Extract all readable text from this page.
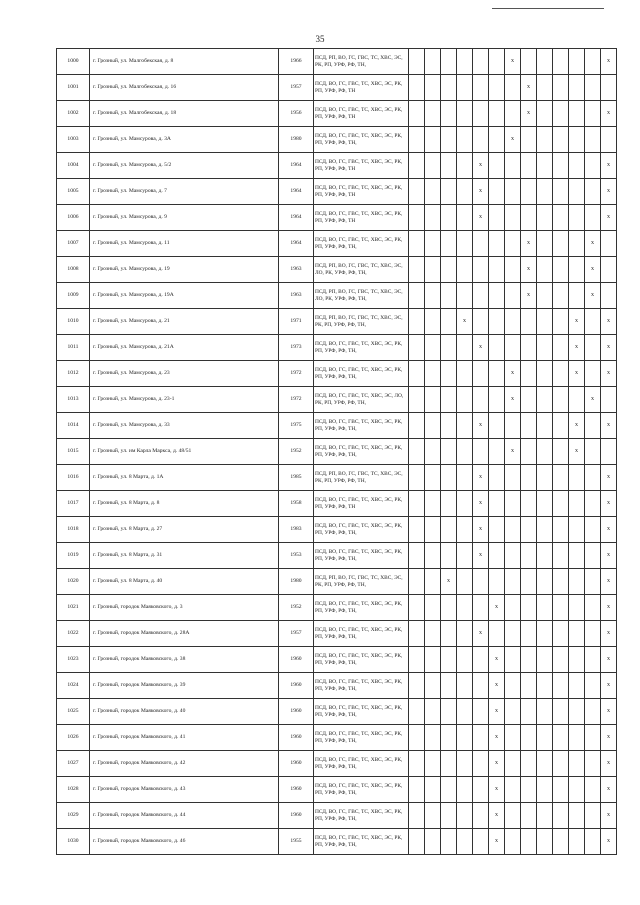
35
1000	г. Грозный, ул. Малгобекская, д. 8	1966	ПСД, РП, ВО, ГС, ГВС, ТС, ХВС, ЭС, РК, РП, УРФ, РФ, ТН,							x						x
1001	г. Грозный, ул. Малгобекская, д. 16	1957	ПСД, ВО, ГС, ГВС, ТС, ХВС, ЭС, РК, РП, УРФ, РФ, ТН								x					
1002	г. Грозный, ул. Малгобекская, д. 18	1956	ПСД, ВО, ГС, ГВС, ТС, ХВС, ЭС, РК, РП, УРФ, РФ, ТН								x					x
1003	г. Грозный, ул. Мамсурова, д. 3А	1980	ПСД, ВО, ГС, ГВС, ТС, ХВС, ЭС, РК, РП, УРФ, РФ, ТН,							x						
1004	г. Грозный, ул. Мамсурова, д. 5/2	1964	ПСД, ВО, ГС, ГВС, ТС, ХВС, ЭС, РК, РП, УРФ, РФ, ТН					x								x
1005	г. Грозный, ул. Мамсурова, д. 7	1964	ПСД, ВО, ГС, ГВС, ТС, ХВС, ЭС, РК, РП, УРФ, РФ, ТН					x								x
1006	г. Грозный, ул. Мамсурова, д. 9	1964	ПСД, ВО, ГС, ГВС, ТС, ХВС, ЭС, РК, РП, УРФ, РФ, ТН					x								x
1007	г. Грозный, ул. Мамсурова, д. 11	1964	ПСД, ВО, ГС, ГВС, ТС, ХВС, ЭС, РК, РП, УРФ, РФ, ТН,								x				x	
1008	г. Грозный, ул. Мамсурова, д. 19	1963	ПСД, РП, ВО, ГС, ГВС, ТС, ХВС, ЭС, ЛО, РК, УРФ, РФ, ТН,								x				x	
1009	г. Грозный, ул. Мамсурова, д. 19А	1963	ПСД, РП, ВО, ГС, ГВС, ТС, ХВС, ЭС, ЛО, РК, УРФ, РФ, ТН,								x				x	
1010	г. Грозный, ул. Мамсурова, д. 21	1971	ПСД, РП, ВО, ГС, ГВС, ТС, ХВС, ЭС, РК, РП, УРФ, РФ, ТН,				x							x		x
1011	г. Грозный, ул. Мамсурова, д. 21А	1973	ПСД, ВО, ГС, ГВС, ТС, ХВС, ЭС, РК, РП, УРФ, РФ, ТН,					x						x		x
1012	г. Грозный, ул. Мамсурова, д. 23	1972	ПСД, ВО, ГС, ГВС, ТС, ХВС, ЭС, РК, РП, УРФ, РФ, ТН,							x				x		x
1013	г. Грозный, ул. Мамсурова, д. 23-1	1972	ПСД, ВО, ГС, ГВС, ТС, ХВС, ЭС, ЛО, РК, РП, УРФ, РФ, ТН,							x					x	
1014	г. Грозный, ул. Мамсурова, д. 33	1975	ПСД, ВО, ГС, ГВС, ТС, ХВС, ЭС, РК, РП, УРФ, РФ, ТН,					x						x		x
1015	г. Грозный, ул. им Карла Маркса, д. 48/51	1952	ПСД, ВО, ГС, ГВС, ТС, ХВС, ЭС, РК, РП, УРФ, РФ, ТН,							x				x		
1016	г. Грозный, ул. 8 Марта, д. 1А	1985	ПСД, РП, ВО, ГС, ГВС, ТС, ХВС, ЭС, РК, РП, УРФ, РФ, ТН,					x								x
1017	г. Грозный, ул. 8 Марта, д. 8	1958	ПСД, ВО, ГС, ГВС, ТС, ХВС, ЭС, РК, РП, УРФ, РФ, ТН					x								x
1018	г. Грозный, ул. 8 Марта, д. 27	1983	ПСД, ВО, ГС, ГВС, ТС, ХВС, ЭС, РК, РП, УРФ, РФ, ТН,					x								x
1019	г. Грозный, ул. 8 Марта, д. 31	1953	ПСД, ВО, ГС, ГВС, ТС, ХВС, ЭС, РК, РП, УРФ, РФ, ТН,					x								x
1020	г. Грозный, ул. 8 Марта, д. 40	1980	ПСД, РП, ВО, ГС, ГВС, ТС, ХВС, ЭС, РК, РП, УРФ, РФ, ТН,			x										x
1021	г. Грозный, городок Маяковского, д. 3	1952	ПСД, ВО, ГС, ГВС, ТС, ХВС, ЭС, РК, РП, УРФ, РФ, ТН,						x							x
1022	г. Грозный, городок Маяковского, д. 28А	1957	ПСД, ВО, ГС, ГВС, ТС, ХВС, ЭС, РК, РП, УРФ, РФ, ТН,					x								x
1023	г. Грозный, городок Маяковского, д. 38	1960	ПСД, ВО, ГС, ГВС, ТС, ХВС, ЭС, РК, РП, УРФ, РФ, ТН,						x							x
1024	г. Грозный, городок Маяковского, д. 39	1960	ПСД, ВО, ГС, ГВС, ТС, ХВС, ЭС, РК, РП, УРФ, РФ, ТН,						x							x
1025	г. Грозный, городок Маяковского, д. 40	1960	ПСД, ВО, ГС, ГВС, ТС, ХВС, ЭС, РК, РП, УРФ, РФ, ТН,						x							x
1026	г. Грозный, городок Маяковского, д. 41	1960	ПСД, ВО, ГС, ГВС, ТС, ХВС, ЭС, РК, РП, УРФ, РФ, ТН,						x							x
1027	г. Грозный, городок Маяковского, д. 42	1960	ПСД, ВО, ГС, ГВС, ТС, ХВС, ЭС, РК, РП, УРФ, РФ, ТН,						x							x
1028	г. Грозный, городок Маяковского, д. 43	1960	ПСД, ВО, ГС, ГВС, ТС, ХВС, ЭС, РК, РП, УРФ, РФ, ТН,						x							x
1029	г. Грозный, городок Маяковского, д. 44	1960	ПСД, ВО, ГС, ГВС, ТС, ХВС, ЭС, РК, РП, УРФ, РФ, ТН,						x							x
1030	г. Грозный, городок Маяковского, д. 46	1955	ПСД, ВО, ГС, ГВС, ТС, ХВС, ЭС, РК, РП, УРФ, РФ, ТН,						x							x
